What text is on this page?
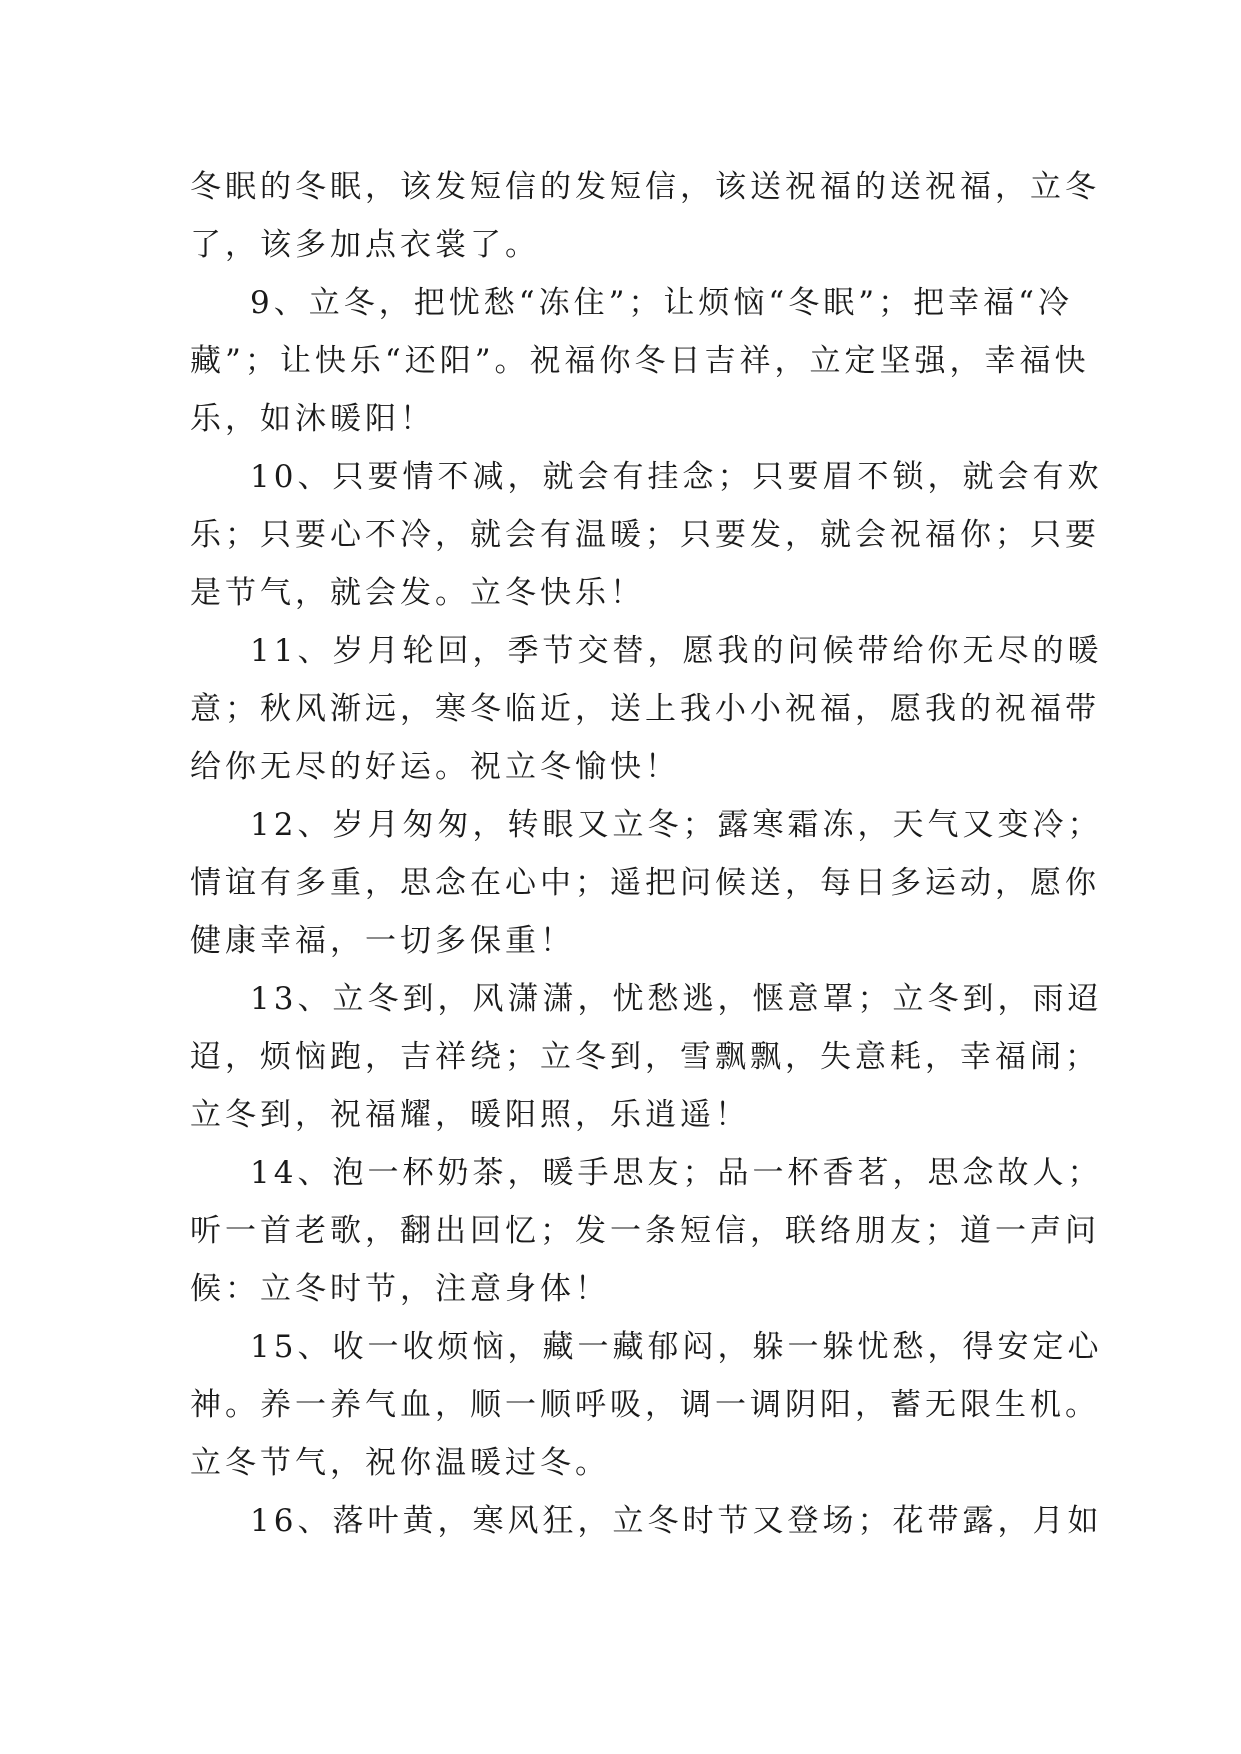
冬眠的冬眠，该发短信的发短信，该送祝福的送祝福，立冬
了，该多加点衣裳了。

9、立冬，把忧愁“冻住”；让烦恼“冬眠”；把幸福“冷
藏”；让快乐“还阳”。祝福你冬日吉祥，立定坚强，幸福快
乐，如沐暖阳！

10、只要情不减，就会有挂念；只要眉不锁，就会有欢
乐；只要心不冷，就会有温暖；只要发，就会祝福你；只要
是节气，就会发。立冬快乐！

11、岁月轮回，季节交替，愿我的问候带给你无尽的暖
意；秋风渐远，寒冬临近，送上我小小祝福，愿我的祝福带
给你无尽的好运。祝立冬愉快！

12、岁月匆匆，转眼又立冬；露寒霜冻，天气又变冷；
情谊有多重，思念在心中；遥把问候送，每日多运动，愿你
健康幸福，一切多保重！

13、立冬到，风潇潇，忧愁逃，惬意罩；立冬到，雨迢
迢，烦恼跑，吉祥绕；立冬到，雪飘飘，失意耗，幸福闹；
立冬到，祝福耀，暖阳照，乐逍遥！

14、泡一杯奶茶，暖手思友；品一杯香茗，思念故人；
听一首老歌，翻出回忆；发一条短信，联络朋友；道一声问
候：立冬时节，注意身体！

15、收一收烦恼，藏一藏郁闷，躲一躲忧愁，得安定心
神。养一养气血，顺一顺呼吸，调一调阴阳，蓄无限生机。
立冬节气，祝你温暖过冬。

16、落叶黄，寒风狂，立冬时节又登场；花带露，月如
